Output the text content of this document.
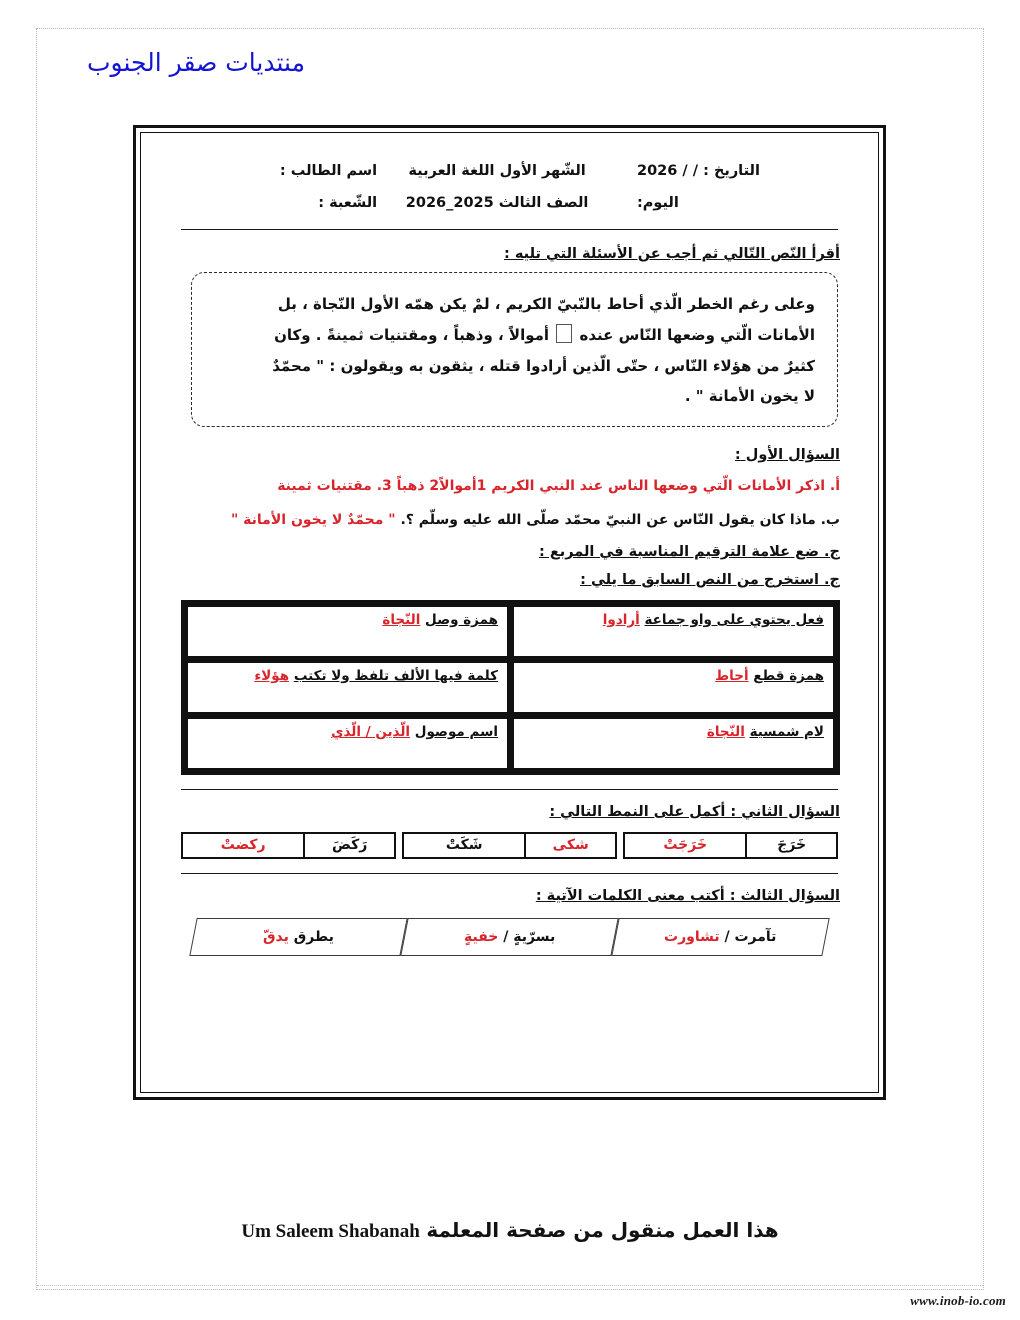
منتديات صقر الجنوب
التاريخ : / / 2026
الشّهر الأول اللغة العربية
اسم الطالب :
اليوم:
الصف الثالث 2025_2026
الشّعبة :
أقرأ النّص التّالي ثم أجب عن الأسئلة التي تليه :
وعلى رغم الخطر الّذي أحاط بالنّبيّ الكريم ، لمْ يكن همّه الأول النّجاة ، بل
الأمانات الّتي وضعها النّاس عنده  أموالاً ، وذهباً ، ومقتنيات ثمينةً . وكان
كثيرٌ من هؤلاء النّاس ، حتّى الّذين أرادوا قتله ، يثقون به ويقولون : " محمّدٌ
لا يخون الأمانة " .
السؤال الأول :
أ. اذكر الأمانات الّتي وضعها الناس عند النبي الكريم 1أموالاً2 ذهباً 3. مقتنيات ثمينة
ب. ماذا كان يقول النّاس عن النبيّ محمّد صلّى الله عليه وسلّم ؟. " محمّدٌ لا يخون الأمانة "
ج. ضع علامة الترقيم المناسبة في المربع :
ج. استخرج من النص السابق ما يلي :
فعل يحتوي على واو جماعة أرادوا	همزة وصل النّجاة
همزة قطع أحاط	كلمة فيها الألف تلفظ ولا تكتب هؤلاء
لام شمسية النّجاة	اسم موصول الّذين / الّذي
السؤال الثاني : أكمل على النمط التالي :
خَرَجَ
خَرَجَتْ
شكى
شَكَتْ
رَكَضَ
ركضتْ
السؤال الثالث : أكتب معنى الكلمات الآتية :
تآمرت / تشاورت
بسرّيةٍ / خفيةٍ
يطرق يدقّ
هذا العمل منقول من صفحة المعلمة Um Saleem Shabanah
www.inob-io.com
